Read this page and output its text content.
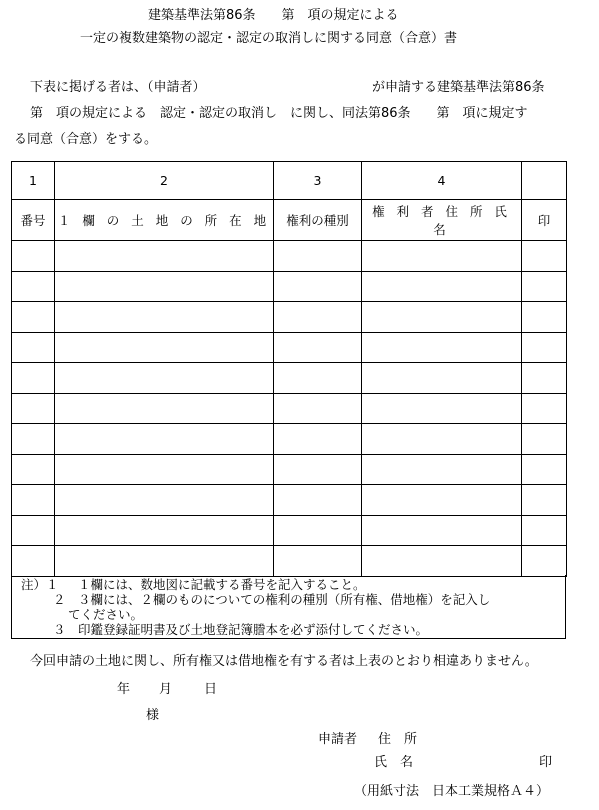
建築基準法第86条　　第　項の規定による
一定の複数建築物の認定・認定の取消しに関する同意（合意）書
下表に掲げる者は、（申請者）	が申請する建築基準法第86条
第　項の規定による　認定・認定の取消し　に関し、同法第86条　　第　項に規定す
る同意（合意）をする。
1	2	3	4	
番号	１ 欄 の 土 地 の 所 在 地	権利の種別	権 利 者 住 所 氏 名	印

注）１ １欄には、数地図に記載する番号を記入すること。
２ ３欄には、２欄のものについての権利の種別（所有権、借地権）を記入し
てください。
３ 印鑑登録証明書及び土地登記簿謄本を必ず添付してください。
今回申請の土地に関し、所有権又は借地権を有する者は上表のとおり相違ありません。
年 月 日
様
申請者 住　所
氏　名	印
（用紙寸法　日本工業規格Ａ４）
